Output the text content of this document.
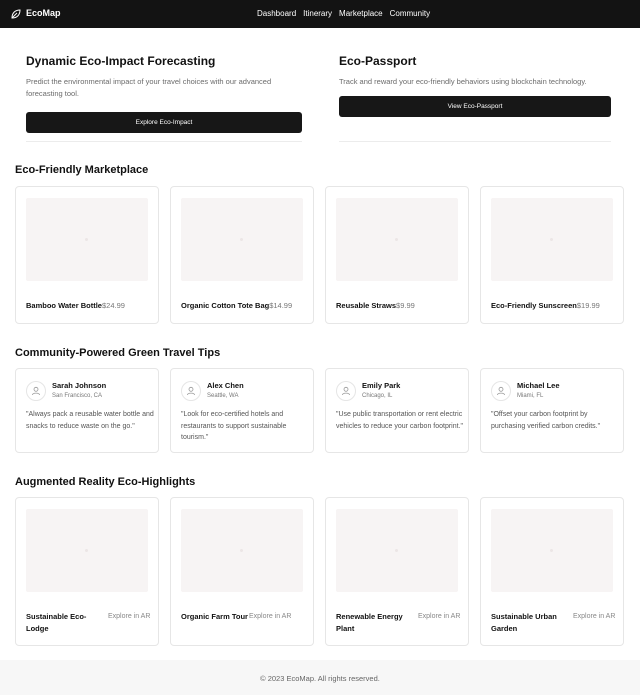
EcoMap	Dashboard Itinerary Marketplace Community
Dynamic Eco-Impact Forecasting

Predict the environmental impact of your travel choices with our advanced forecasting tool.

Explore Eco-Impact
Eco-Passport

Track and reward your eco-friendly behaviors using blockchain technology.

View Eco-Passport
Eco-Friendly Marketplace
Bamboo Water Bottle$24.99	Organic Cotton Tote Bag$14.99	Reusable Straws$9.99	Eco-Friendly Sunscreen$19.99
Community-Powered Green Travel Tips
Sarah Johnson
San Francisco, CA
"Always pack a reusable water bottle and snacks to reduce waste on the go."
Alex Chen
Seattle, WA
"Look for eco-certified hotels and restaurants to support sustainable tourism."
Emily Park
Chicago, IL
"Use public transportation or rent electric vehicles to reduce your carbon footprint."
Michael Lee
Miami, FL
"Offset your carbon footprint by purchasing verified carbon credits."
Augmented Reality Eco-Highlights
Sustainable Eco-Lodge
Explore in AR	Organic Farm Tour Explore in AR	Renewable Energy Plant
Explore in AR	Sustainable Urban Garden
Explore in AR
© 2023 EcoMap. All rights reserved.
